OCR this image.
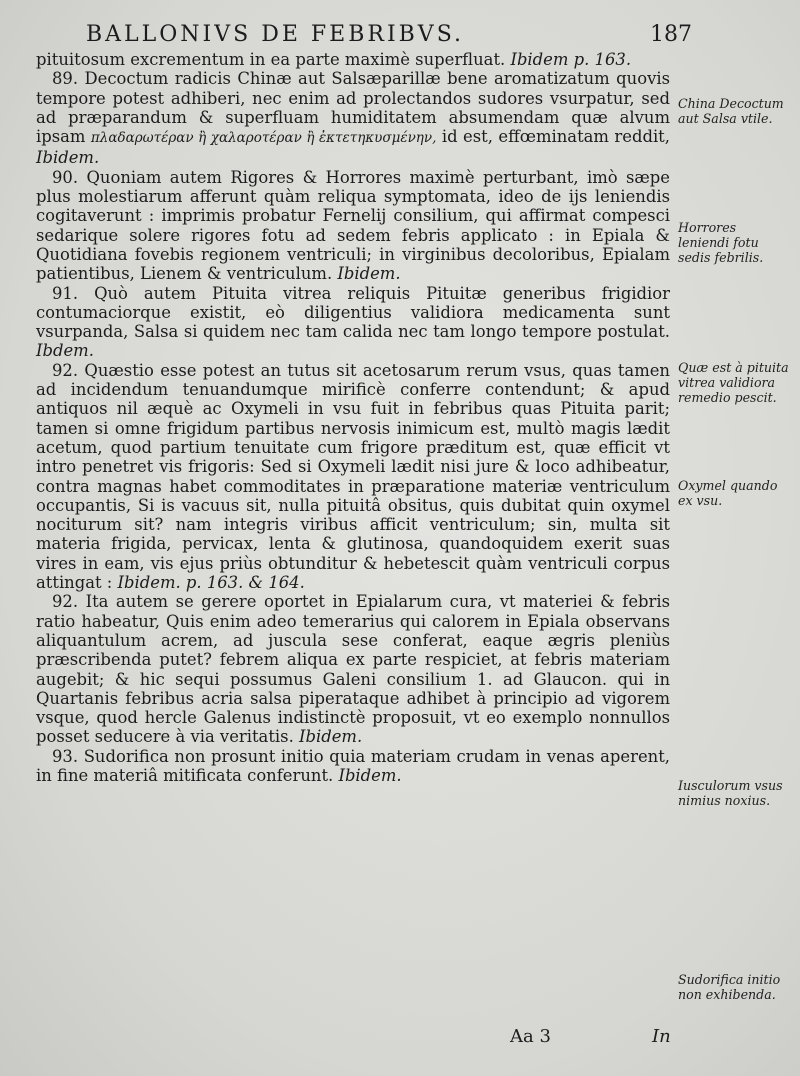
BALLONIVS DE FEBRIBVS.	187

pituitosum excrementum in ea parte maximè superfluat. Ibidem p. 163.

89. Decoctum radicis Chinæ aut Salsæparillæ bene aromatizatum quovis tempore potest adhiberi, nec enim ad prolectandos sudores vsurpatur, sed ad præparandum & superfluam humiditatem absumendam quæ alvum ipsam πλαδαρωτέραν ἢ χαλαροτέραν ἢ ἐκτετηκυσμένην, id est, effœminatam reddit, Ibidem.

90. Quoniam autem Rigores & Horrores maximè perturbant, imò sæpe plus molestiarum afferunt quàm reliqua symptomata, ideo de ijs leniendis cogitaverunt : imprimis probatur Fernelij consilium, qui affirmat compesci sedarique solere rigores fotu ad sedem febris applicato : in Epiala & Quotidiana fovebis regionem ventriculi; in virginibus decoloribus, Epialam patientibus, Lienem & ventriculum. Ibidem.

91. Quò autem Pituita vitrea reliquis Pituitæ generibus frigidior contumaciorque existit, eò diligentius validiora medicamenta sunt vsurpanda, Salsa si quidem nec tam calida nec tam longo tempore postulat. Ibdem.

92. Quæstio esse potest an tutus sit acetosarum rerum vsus, quas tamen ad incidendum tenuandumque mirificè conferre contendunt; & apud antiquos nil æquè ac Oxymeli in vsu fuit in febribus quas Pituita parit; tamen si omne frigidum partibus nervosis inimicum est, multò magis lædit acetum, quod partium tenuitate cum frigore præditum est, quæ efficit vt intro penetret vis frigoris: Sed si Oxymeli lædit nisi jure & loco adhibeatur, contra magnas habet commoditates in præparatione materiæ ventriculum occupantis, Si is vacuus sit, nulla pituitâ obsitus, quis dubitat quin oxymel nociturum sit? nam integris viribus afficit ventriculum; sin, multa sit materia frigida, pervicax, lenta & glutinosa, quandoquidem exerit suas vires in eam, vis ejus priùs obtunditur & hebetescit quàm ventriculi corpus attingat : Ibidem. p. 163. & 164.

92. Ita autem se gerere oportet in Epialarum cura, vt materiei & febris ratio habeatur, Quis enim adeo temerarius qui calorem in Epiala observans aliquantulum acrem, ad juscula sese conferat, eaque ægris pleniùs præscribenda putet? febrem aliqua ex parte respiciet, at febris materiam augebit; & hic sequi possumus Galeni consilium 1. ad Glaucon. qui in Quartanis febribus acria salsa piperataque adhibet à principio ad vigorem vsque, quod hercle Galenus indistinctè proposuit, vt eo exemplo nonnullos posset seducere à via veritatis. Ibidem.

93. Sudorifica non prosunt initio quia materiam crudam in venas aperent, in fine materiâ mitificata conferunt. Ibidem.

China Decoctum aut Salsa vtile.
Horrores leniendi fotu sedis febrilis.
Quæ est à pituita vitrea validiora remedio pescit.
Oxymel quando ex vsu.
Iusculorum vsus nimius noxius.
Sudorifica initio non exhibenda.
Aa 3	In
